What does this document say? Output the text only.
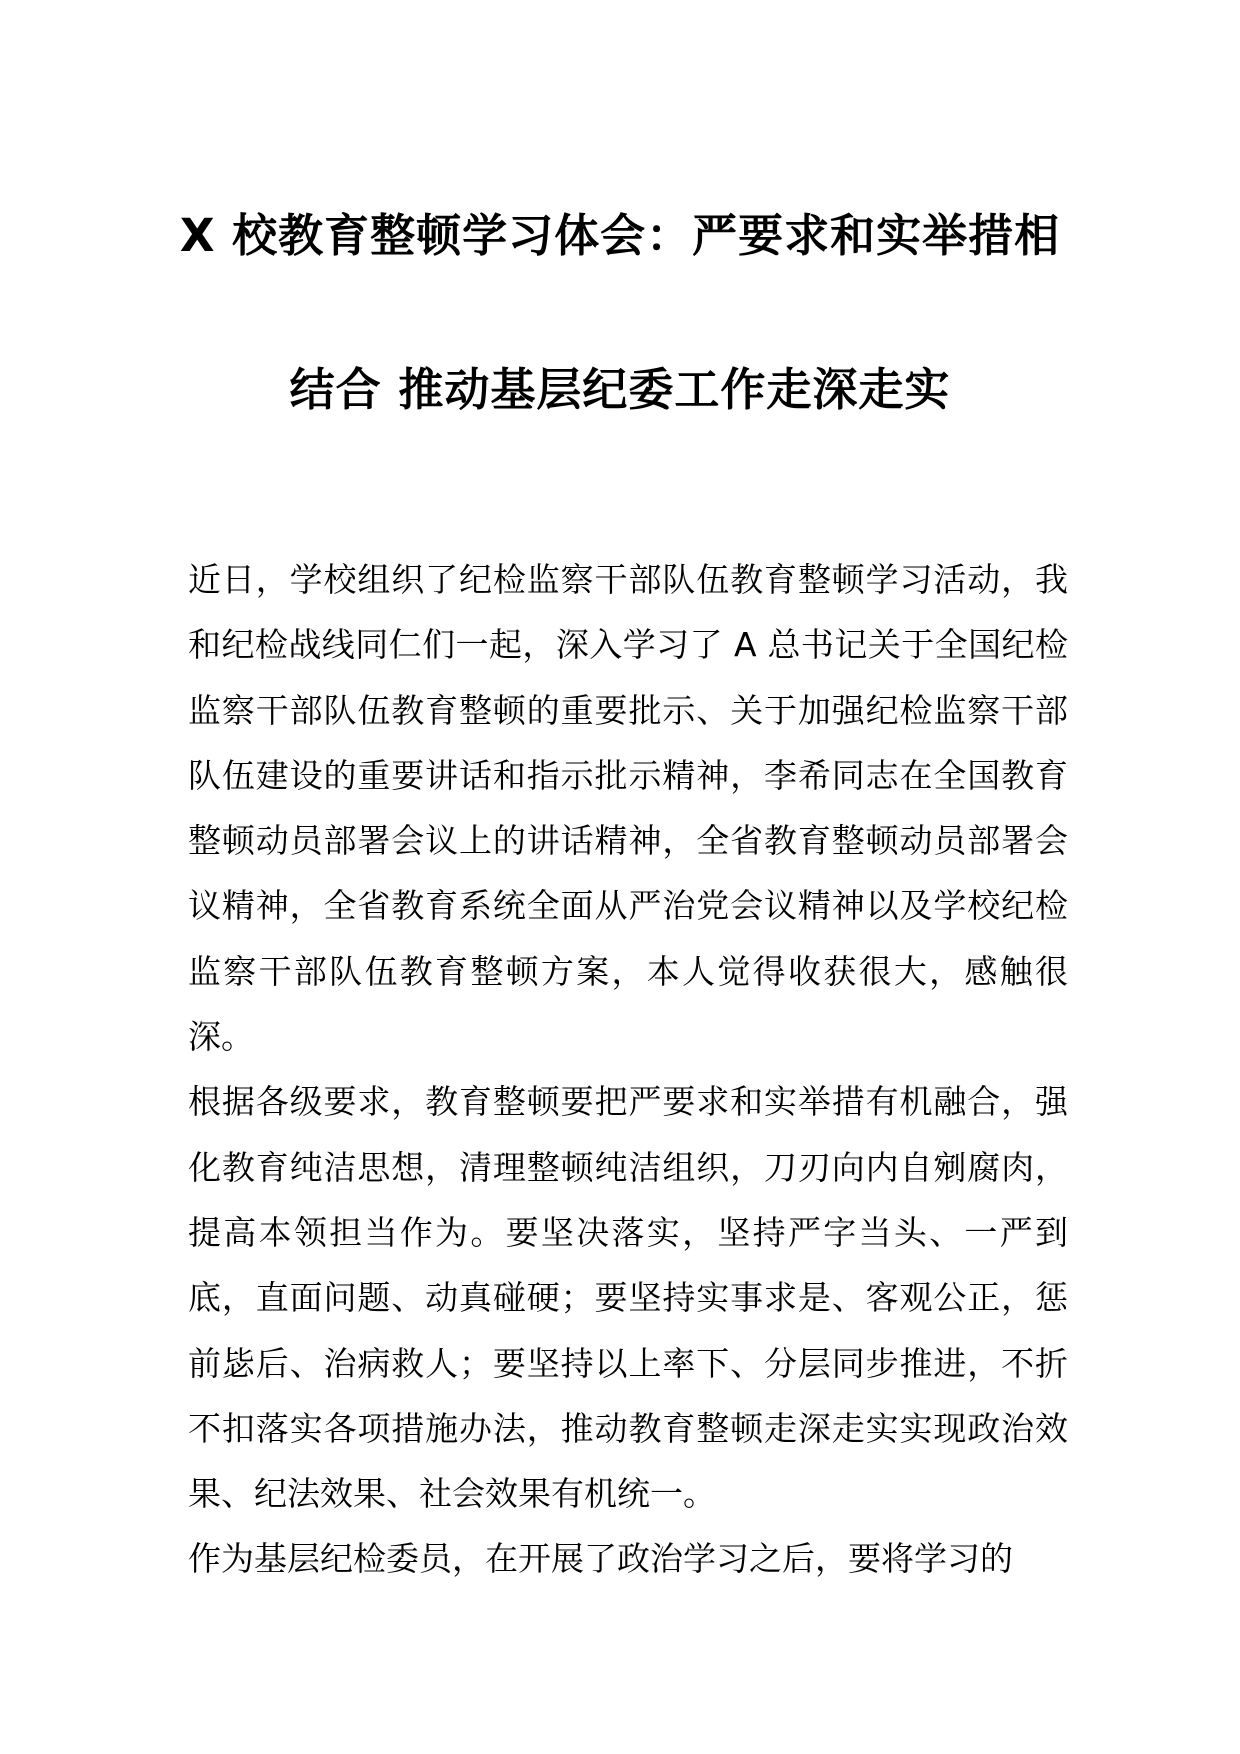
X 校教育整顿学习体会：严要求和实举措相
结合 推动基层纪委工作走深走实

近日，学校组织了纪检监察干部队伍教育整顿学习活动，我和纪检战线同仁们一起，深入学习了 A 总书记关于全国纪检监察干部队伍教育整顿的重要批示、关于加强纪检监察干部队伍建设的重要讲话和指示批示精神，李希同志在全国教育整顿动员部署会议上的讲话精神，全省教育整顿动员部署会议精神，全省教育系统全面从严治党会议精神以及学校纪检监察干部队伍教育整顿方案，本人觉得收获很大，感触很深。

根据各级要求，教育整顿要把严要求和实举措有机融合，强化教育纯洁思想，清理整顿纯洁组织，刀刃向内自剜腐肉，提高本领担当作为。要坚决落实，坚持严字当头、一严到底，直面问题、动真碰硬；要坚持实事求是、客观公正，惩前毖后、治病救人；要坚持以上率下、分层同步推进，不折不扣落实各项措施办法，推动教育整顿走深走实实现政治效果、纪法效果、社会效果有机统一。

作为基层纪检委员，在开展了政治学习之后，要将学习的
